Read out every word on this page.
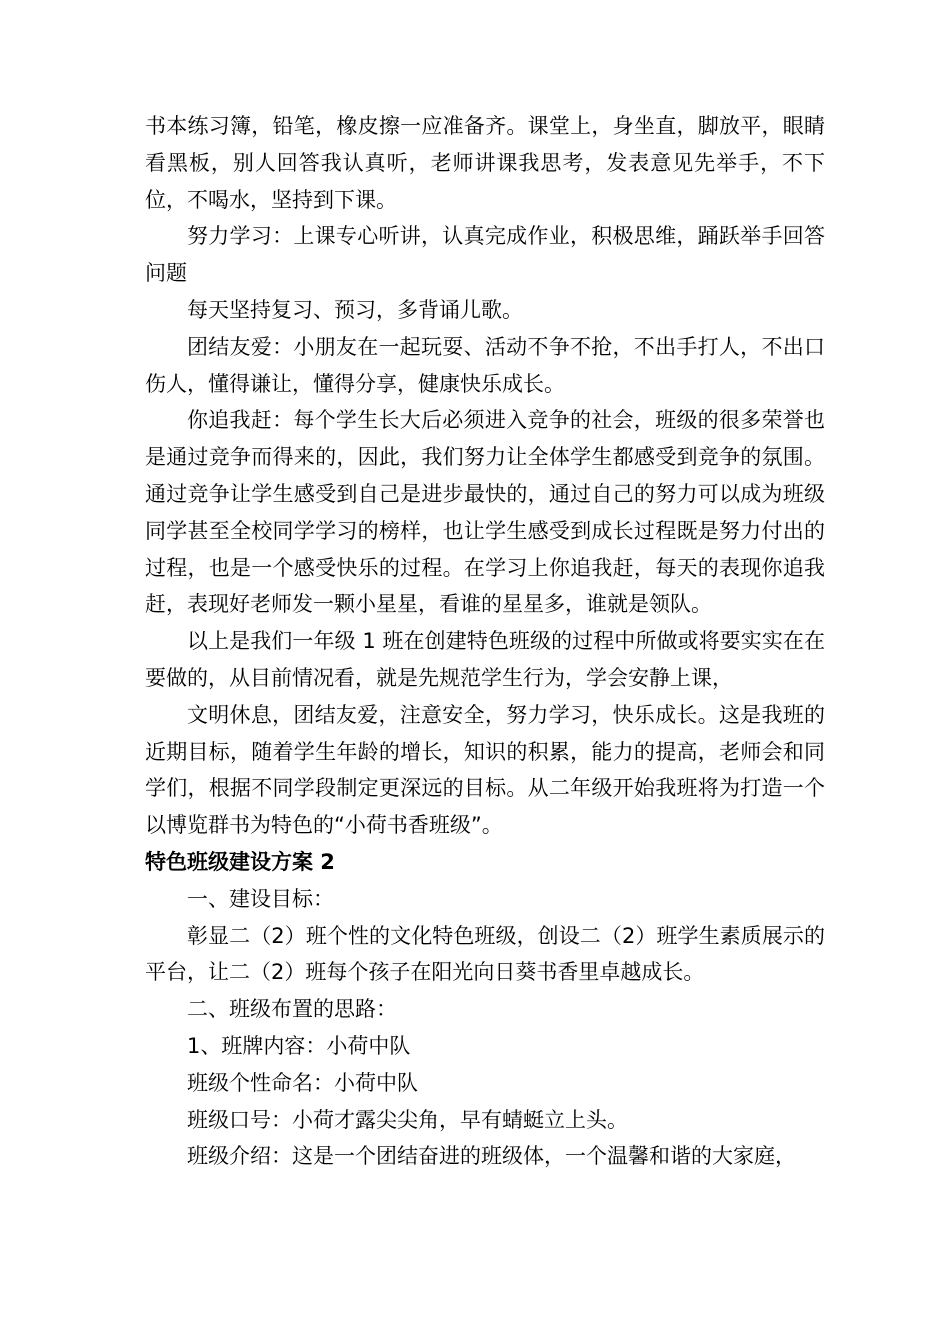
书本练习簿，铅笔，橡皮擦一应准备齐。课堂上，身坐直，脚放平，眼睛看黑板，别人回答我认真听，老师讲课我思考，发表意见先举手，不下位，不喝水，坚持到下课。

努力学习：上课专心听讲，认真完成作业，积极思维，踊跃举手回答问题

每天坚持复习、预习，多背诵儿歌。

团结友爱：小朋友在一起玩耍、活动不争不抢，不出手打人，不出口伤人，懂得谦让，懂得分享，健康快乐成长。

你追我赶：每个学生长大后必须进入竞争的社会，班级的很多荣誉也是通过竞争而得来的，因此，我们努力让全体学生都感受到竞争的氛围。通过竞争让学生感受到自己是进步最快的，通过自己的努力可以成为班级同学甚至全校同学学习的榜样，也让学生感受到成长过程既是努力付出的过程，也是一个感受快乐的过程。在学习上你追我赶，每天的表现你追我赶，表现好老师发一颗小星星，看谁的星星多，谁就是领队。

以上是我们一年级 1 班在创建特色班级的过程中所做或将要实实在在要做的，从目前情况看，就是先规范学生行为，学会安静上课，

文明休息，团结友爱，注意安全，努力学习，快乐成长。这是我班的近期目标，随着学生年龄的增长，知识的积累，能力的提高，老师会和同学们，根据不同学段制定更深远的目标。从二年级开始我班将为打造一个以博览群书为特色的“小荷书香班级”。

特色班级建设方案 2

一、建设目标：

彰显二（2）班个性的文化特色班级，创设二（2）班学生素质展示的平台，让二（2）班每个孩子在阳光向日葵书香里卓越成长。

二、班级布置的思路：

1、班牌内容：小荷中队

班级个性命名：小荷中队

班级口号：小荷才露尖尖角，早有蜻蜓立上头。

班级介绍：这是一个团结奋进的班级体，一个温馨和谐的大家庭，
